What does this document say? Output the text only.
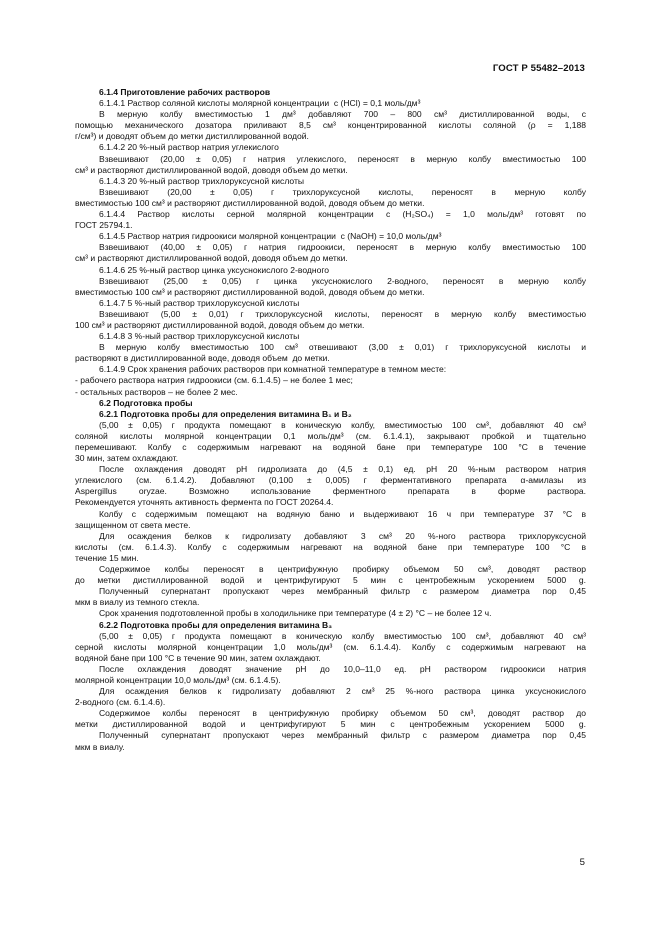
ГОСТ Р 55482–2013
6.1.4 Приготовление рабочих растворов
6.1.4.1 Раствор соляной кислоты молярной концентрации  c (HCl) = 0,1 моль/дм³
В мерную колбу вместимостью 1 дм³ добавляют 700 – 800 см³ дистиллированной воды, с
помощью механического дозатора приливают 8,5 см³ концентрированной кислоты соляной (ρ = 1,188
г/см³) и доводят объем до метки дистиллированной водой.
6.1.4.2 20 %-ный раствор натрия углекислого
Взвешивают (20,00 ± 0,05) г натрия углекислого, переносят в мерную колбу вместимостью 100
см³ и растворяют дистиллированной водой, доводя объем до метки.
6.1.4.3 20 %-ный раствор трихлоруксусной кислоты
Взвешивают (20,00 ± 0,05) г трихлоруксусной кислоты, переносят в мерную колбу
вместимостью 100 см³ и растворяют дистиллированной водой, доводя объем до метки.
6.1.4.4 Раствор кислоты серной молярной концентрации c (H₂SO₄) = 1,0 моль/дм³ готовят по
ГОСТ 25794.1.
6.1.4.5 Раствор натрия гидроокиси молярной концентрации  c (NaOH) = 10,0 моль/дм³
Взвешивают (40,00 ± 0,05) г натрия гидроокиси, переносят в мерную колбу вместимостью 100
см³ и растворяют дистиллированной водой, доводя объем до метки.
6.1.4.6 25 %-ный раствор цинка уксуснокислого 2-водного
Взвешивают (25,00 ± 0,05) г цинка уксуснокислого 2-водного, переносят в мерную колбу
вместимостью 100 см³ и растворяют дистиллированной водой, доводя объем до метки.
6.1.4.7 5 %-ный раствор трихлоруксусной кислоты
Взвешивают (5,00 ± 0,01) г трихлоруксусной кислоты, переносят в мерную колбу вместимостью
100 см³ и растворяют дистиллированной водой, доводя объем до метки.
6.1.4.8 3 %-ный раствор трихлоруксусной кислоты
В мерную колбу вместимостью 100 см³ отвешивают (3,00 ± 0,01) г трихлоруксусной кислоты и
растворяют в дистиллированной воде, доводя объем  до метки.
6.1.4.9 Срок хранения рабочих растворов при комнатной температуре в темном месте:
- рабочего раствора натрия гидроокиси (см. 6.1.4.5) – не более 1 мес;
- остальных растворов – не более 2 мес.
6.2 Подготовка пробы
6.2.1 Подготовка пробы для определения витамина B₁ и B₂
(5,00 ± 0,05) г продукта помещают в коническую колбу, вместимостью 100 см³, добавляют 40 см³
соляной кислоты молярной концентрации 0,1 моль/дм³ (см. 6.1.4.1), закрывают пробкой и тщательно
перемешивают. Колбу с содержимым нагревают на водяной бане при температуре 100 °С в течение
30 мин, затем охлаждают.
После охлаждения доводят рН гидролизата до (4,5 ± 0,1) ед. рН 20 %-ным раствором натрия
углекислого (см. 6.1.4.2). Добавляют (0,100 ± 0,005) г ферментативного препарата α-амилазы из
Aspergillus oryzae. Возможно использование ферментного препарата в форме раствора.
Рекомендуется уточнять активность фермента по ГОСТ 20264.4.
Колбу с содержимым помещают на водяную баню и выдерживают 16 ч при температуре 37 °С в
защищенном от света месте.
Для осаждения белков к гидролизату добавляют 3 см³ 20 %-ного раствора трихлоруксусной
кислоты (см. 6.1.4.3). Колбу с содержимым нагревают на водяной бане при температуре 100 °С в
течение 15 мин.
Содержимое колбы переносят в центрифужную пробирку объемом 50 см³, доводят раствор
до метки дистиллированной водой и центрифугируют 5 мин с центробежным ускорением 5000 g.
Полученный супернатант пропускают через мембранный фильтр с размером диаметра пор 0,45
мкм в виалу из темного стекла.
Срок хранения подготовленной пробы в холодильнике при температуре (4 ± 2) °С – не более 12 ч.
6.2.2 Подготовка пробы для определения витамина B₃
(5,00 ± 0,05) г продукта помещают в коническую колбу вместимостью 100 см³, добавляют 40 см³
серной кислоты молярной концентрации 1,0 моль/дм³ (см. 6.1.4.4). Колбу с содержимым нагревают на
водяной бане при 100 °С в течение 90 мин, затем охлаждают.
После охлаждения доводят значение рН до 10,0–11,0 ед. рН раствором гидроокиси натрия
молярной концентрации 10,0 моль/дм³ (см. 6.1.4.5).
Для осаждения белков к гидролизату добавляют 2 см³ 25 %-ного раствора цинка уксуснокислого
2-водного (см. 6.1.4.6).
Содержимое колбы переносят в центрифужную пробирку объемом 50 см³, доводят раствор до
метки дистиллированной водой и центрифугируют 5 мин с центробежным ускорением 5000 g.
Полученный супернатант пропускают через мембранный фильтр с размером диаметра пор 0,45
мкм в виалу.
5
